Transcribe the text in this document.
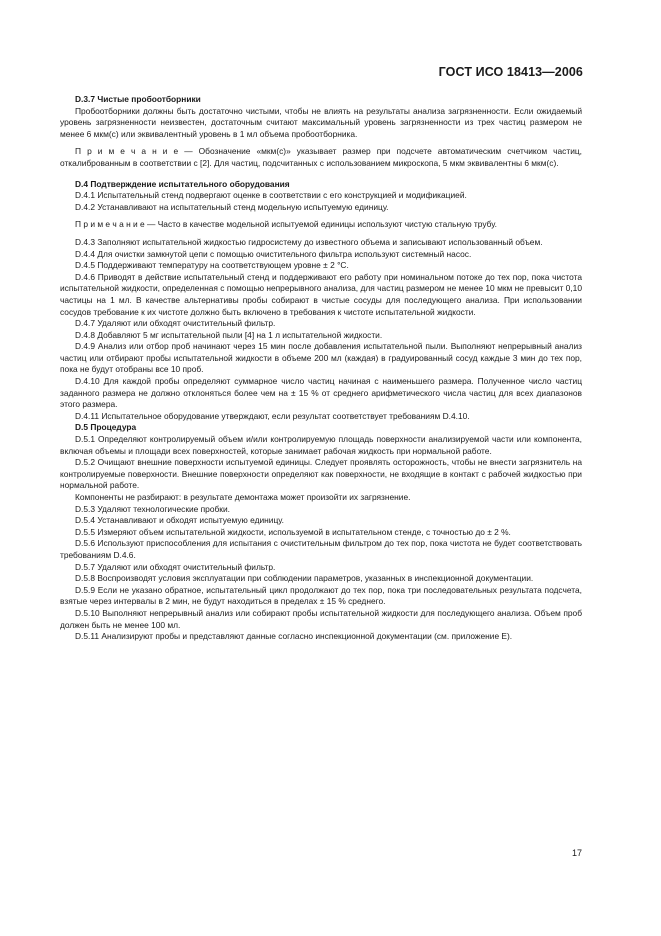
ГОСТ ИСО 18413—2006

D.3.7 Чистые пробоотборники

Пробоотборники должны быть достаточно чистыми, чтобы не влиять на результаты анализа загрязненности. Если ожидаемый уровень загрязненности неизвестен, достаточным считают максимальный уровень загрязненности из трех частиц размером не менее 6 мкм(с) или эквивалентный уровень в 1 мл объема пробоотборника.

П р и м е ч а н и е — Обозначение «мкм(с)» указывает размер при подсчете автоматическим счетчиком частиц, откалиброванным в соответствии с [2]. Для частиц, подсчитанных с использованием микроскопа, 5 мкм эквивалентны 6 мкм(с).

D.4 Подтверждение испытательного оборудования

D.4.1 Испытательный стенд подвергают оценке в соответствии с его конструкцией и модификацией.

D.4.2 Устанавливают на испытательный стенд модельную испытуемую единицу.

П р и м е ч а н и е — Часто в качестве модельной испытуемой единицы используют чистую стальную трубу.

D.4.3 Заполняют испытательной жидкостью гидросистему до известного объема и записывают использованный объем.

D.4.4 Для очистки замкнутой цепи с помощью очистительного фильтра используют системный насос.

D.4.5 Поддерживают температуру на соответствующем уровне ± 2 °C.

D.4.6 Приводят в действие испытательный стенд и поддерживают его работу при номинальном потоке до тех пор, пока чистота испытательной жидкости, определенная с помощью непрерывного анализа, для частиц размером не менее 10 мкм не превысит 0,10 частицы на 1 мл. В качестве альтернативы пробы собирают в чистые сосуды для последующего анализа. При использовании сосудов требование к их чистоте должно быть включено в требования к чистоте испытательной жидкости.

D.4.7 Удаляют или обходят очистительный фильтр.

D.4.8 Добавляют 5 мг испытательной пыли [4] на 1 л испытательной жидкости.

D.4.9 Анализ или отбор проб начинают через 15 мин после добавления испытательной пыли. Выполняют непрерывный анализ частиц или отбирают пробы испытательной жидкости в объеме 200 мл (каждая) в градуированный сосуд каждые 3 мин до тех пор, пока не будут отобраны все 10 проб.

D.4.10 Для каждой пробы определяют суммарное число частиц начиная с наименьшего размера. Полученное число частиц заданного размера не должно отклоняться более чем на ± 15 % от среднего арифметического числа частиц для всех диапазонов этого размера.

D.4.11 Испытательное оборудование утверждают, если результат соответствует требованиям D.4.10.

D.5 Процедура

D.5.1 Определяют контролируемый объем и/или контролируемую площадь поверхности анализируемой части или компонента, включая объемы и площади всех поверхностей, которые занимает рабочая жидкость при нормальной работе.

D.5.2 Очищают внешние поверхности испытуемой единицы. Следует проявлять осторожность, чтобы не внести загрязнитель на контролируемые поверхности. Внешние поверхности определяют как поверхности, не входящие в контакт с рабочей жидкостью при нормальной работе.

Компоненты не разбирают: в результате демонтажа может произойти их загрязнение.

D.5.3 Удаляют технологические пробки.

D.5.4 Устанавливают и обходят испытуемую единицу.

D.5.5 Измеряют объем испытательной жидкости, используемой в испытательном стенде, с точностью до ± 2 %.

D.5.6 Используют приспособления для испытания с очистительным фильтром до тех пор, пока чистота не будет соответствовать требованиям D.4.6.

D.5.7 Удаляют или обходят очистительный фильтр.

D.5.8 Воспроизводят условия эксплуатации при соблюдении параметров, указанных в инспекционной документации.

D.5.9 Если не указано обратное, испытательный цикл продолжают до тех пор, пока три последовательных результата подсчета, взятые через интервалы в 2 мин, не будут находиться в пределах ± 15 % среднего.

D.5.10 Выполняют непрерывный анализ или собирают пробы испытательной жидкости для последующего анализа. Объем проб должен быть не менее 100 мл.

D.5.11 Анализируют пробы и представляют данные согласно инспекционной документации (см. приложение E).

17
